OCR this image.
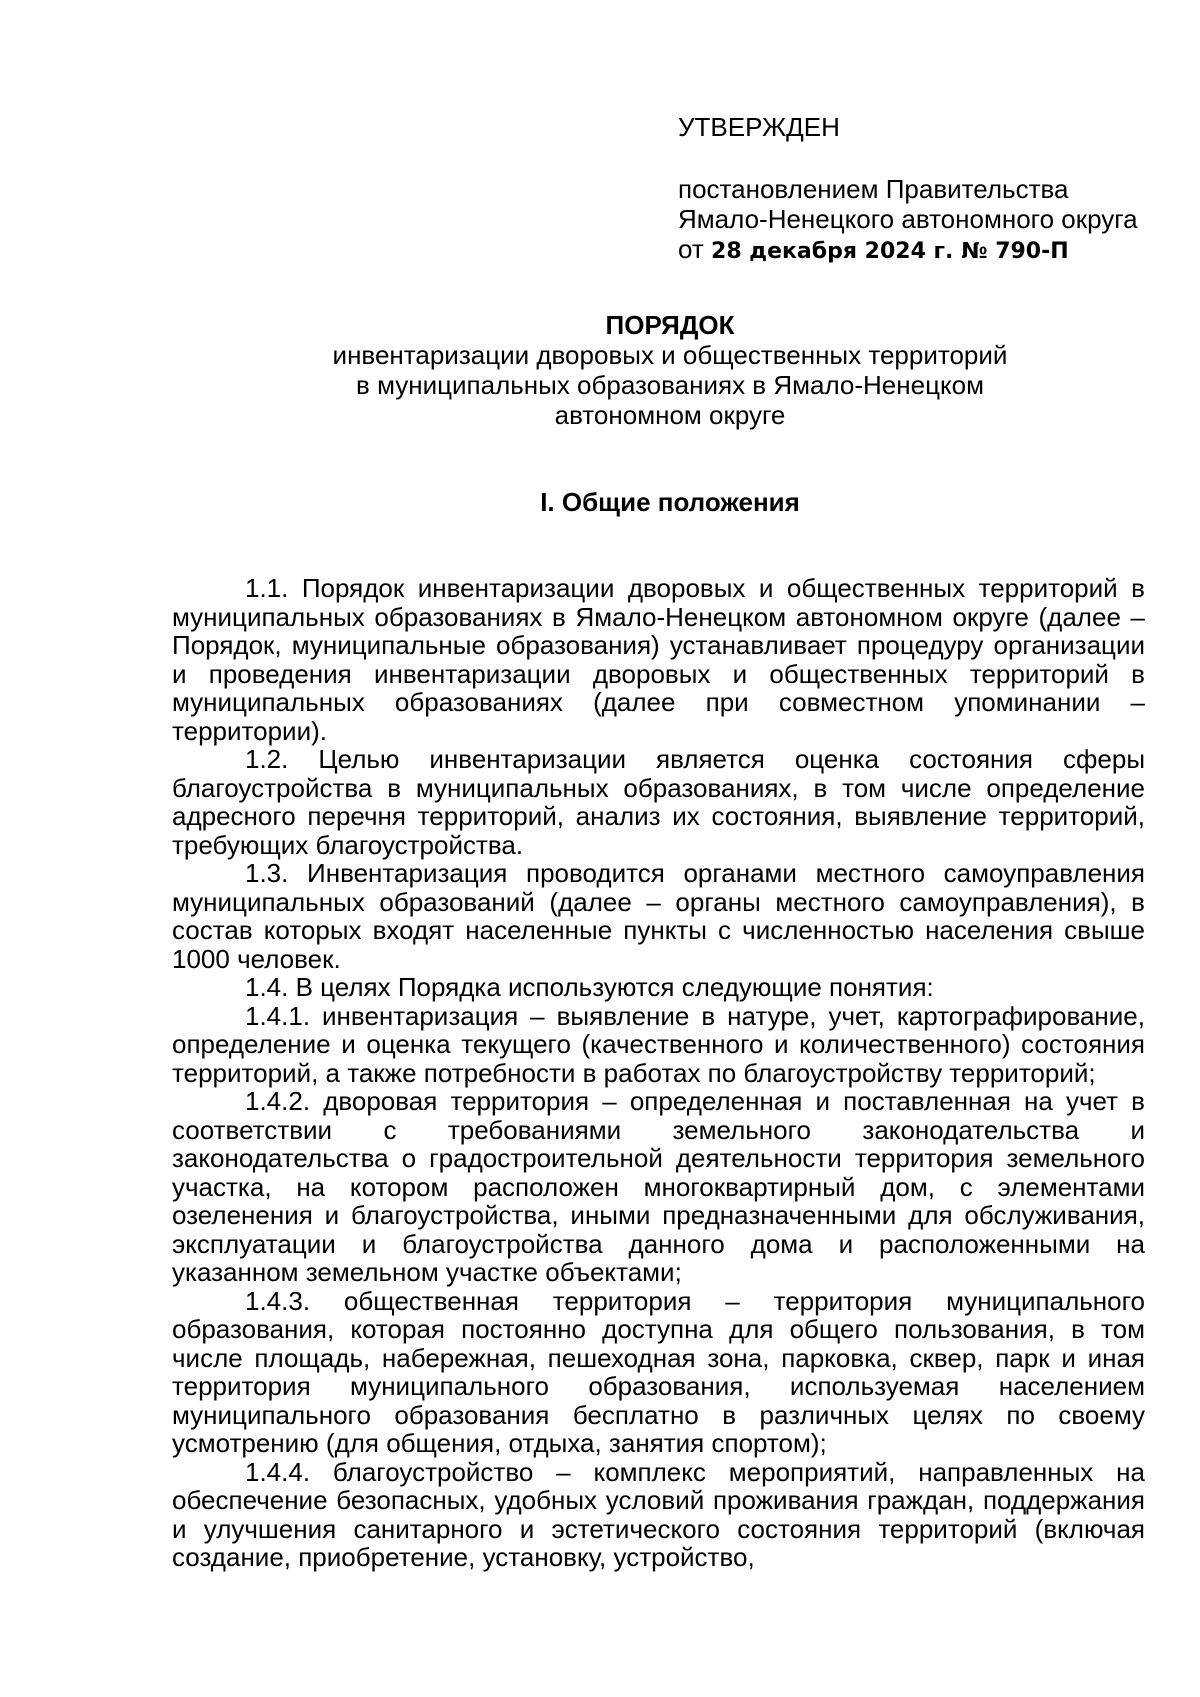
УТВЕРЖДЕН
постановлением Правительства
Ямало-Ненецкого автономного округа
от 28 декабря 2024 г. № 790-П
ПОРЯДОК
инвентаризации дворовых и общественных территорий
в муниципальных образованиях в Ямало-Ненецком
автономном округе
I. Общие положения

1.1. Порядок инвентаризации дворовых и общественных территорий в муниципальных образованиях в Ямало-Ненецком автономном округе (далее – Порядок, муниципальные образования) устанавливает процедуру организации и проведения инвентаризации дворовых и общественных территорий в муниципальных образованиях (далее при совместном упоминании – территории).

1.2. Целью инвентаризации является оценка состояния сферы благоустройства в муниципальных образованиях, в том числе определение адресного перечня территорий, анализ их состояния, выявление территорий, требующих благоустройства.

1.3. Инвентаризация проводится органами местного самоуправления муниципальных образований (далее – органы местного самоуправления), в состав которых входят населенные пункты с численностью населения свыше 1000 человек.

1.4. В целях Порядка используются следующие понятия:

1.4.1. инвентаризация – выявление в натуре, учет, картографирование, определение и оценка текущего (качественного и количественного) состояния территорий, а также потребности в работах по благоустройству территорий;

1.4.2. дворовая территория – определенная и поставленная на учет в соответствии с требованиями земельного законодательства и законодательства о градостроительной деятельности территория земельного участка, на котором расположен многоквартирный дом, с элементами озеленения и благоустройства, иными предназначенными для обслуживания, эксплуатации и благоустройства данного дома и расположенными на указанном земельном участке объектами;

1.4.3. общественная территория – территория муниципального образования, которая постоянно доступна для общего пользования, в том числе площадь, набережная, пешеходная зона, парковка, сквер, парк и иная территория муниципального образования, используемая населением муниципального образования бесплатно в различных целях по своему усмотрению (для общения, отдыха, занятия спортом);

1.4.4. благоустройство – комплекс мероприятий, направленных на обеспечение безопасных, удобных условий проживания граждан, поддержания и улучшения санитарного и эстетического состояния территорий (включая создание, приобретение, установку, устройство,
